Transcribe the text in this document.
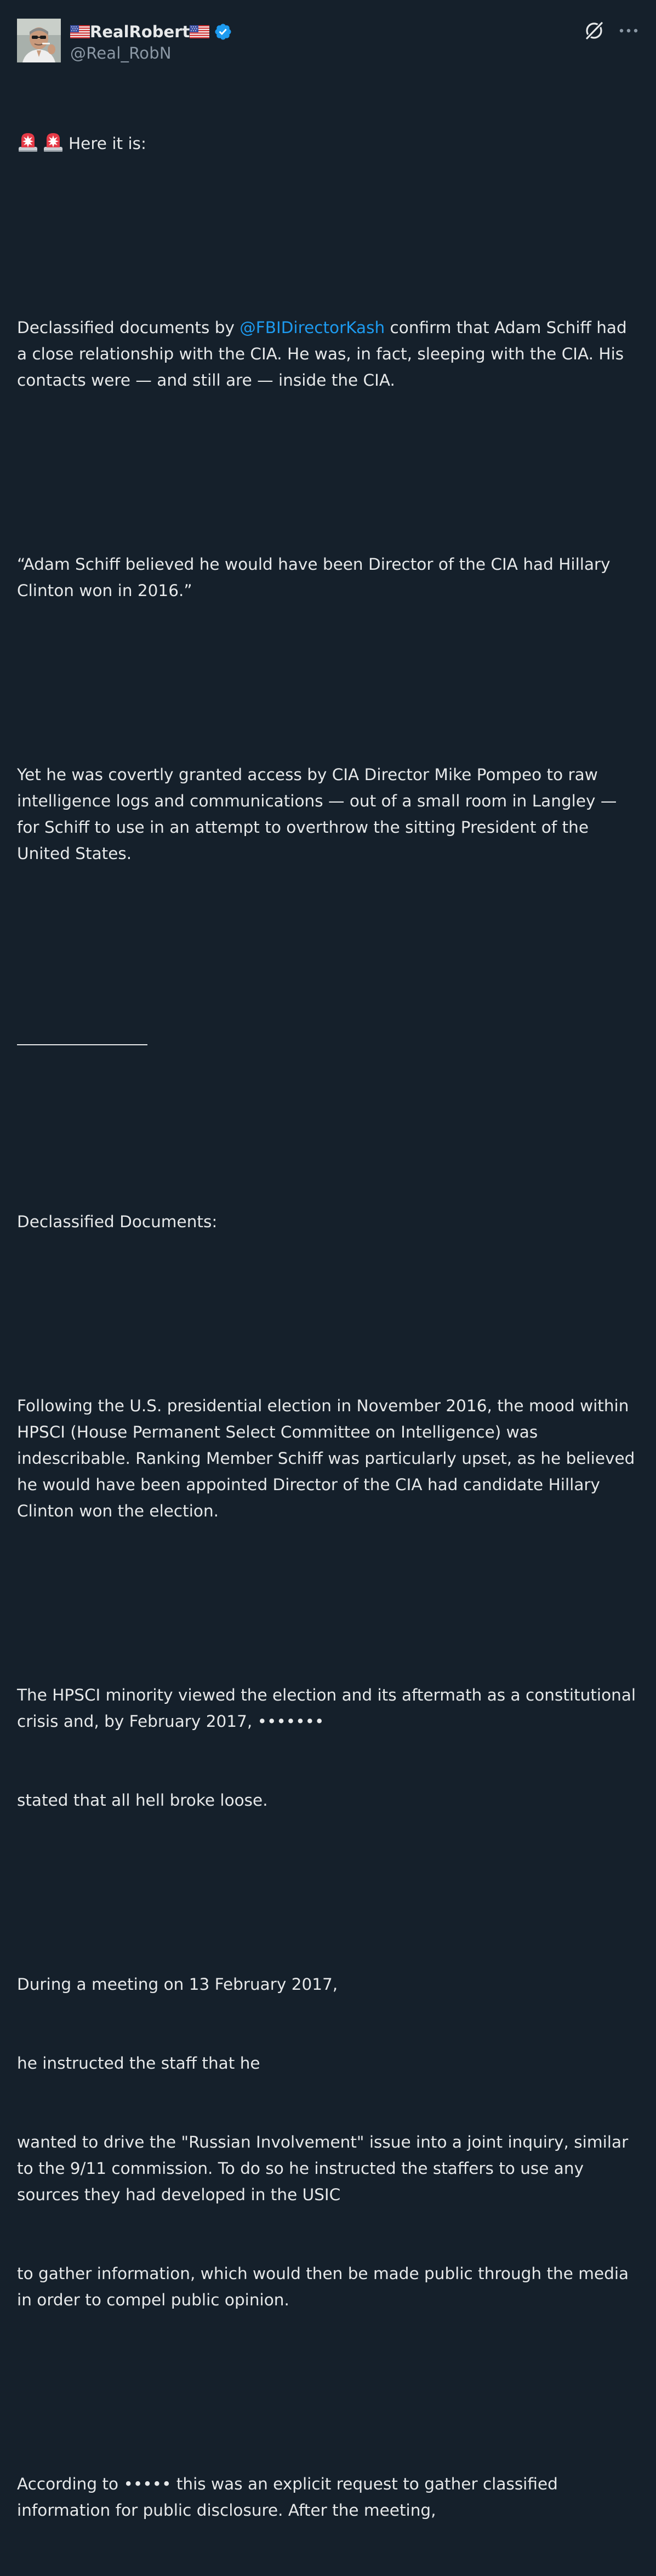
RealRobert
@Real_RobN

Here it is:

Declassified documents by @FBIDirectorKash confirm that Adam Schiff had a close relationship with the CIA. He was, in fact, sleeping with the CIA. His contacts were — and still are — inside the CIA.

“Adam Schiff believed he would have been Director of the CIA had Hillary Clinton won in 2016.”

Yet he was covertly granted access by CIA Director Mike Pompeo to raw intelligence logs and communications — out of a small room in Langley — for Schiff to use in an attempt to overthrow the sitting President of the United States.

Declassified Documents:

Following the U.S. presidential election in November 2016, the mood within HPSCI (House Permanent Select Committee on Intelligence) was indescribable. Ranking Member Schiff was particularly upset, as he believed he would have been appointed Director of the CIA had candidate Hillary Clinton won the election.

The HPSCI minority viewed the election and its aftermath as a constitutional crisis and, by February 2017, •••••••

stated that all hell broke loose.

During a meeting on 13 February 2017,

he instructed the staff that he

wanted to drive the "Russian Involvement" issue into a joint inquiry, similar to the 9/11 commission. To do so he instructed the staffers to use any sources they had developed in the USIC

to gather information, which would then be made public through the media in order to compel public opinion.

According to ••••• this was an explicit request to gather classified information for public disclosure. After the meeting,
